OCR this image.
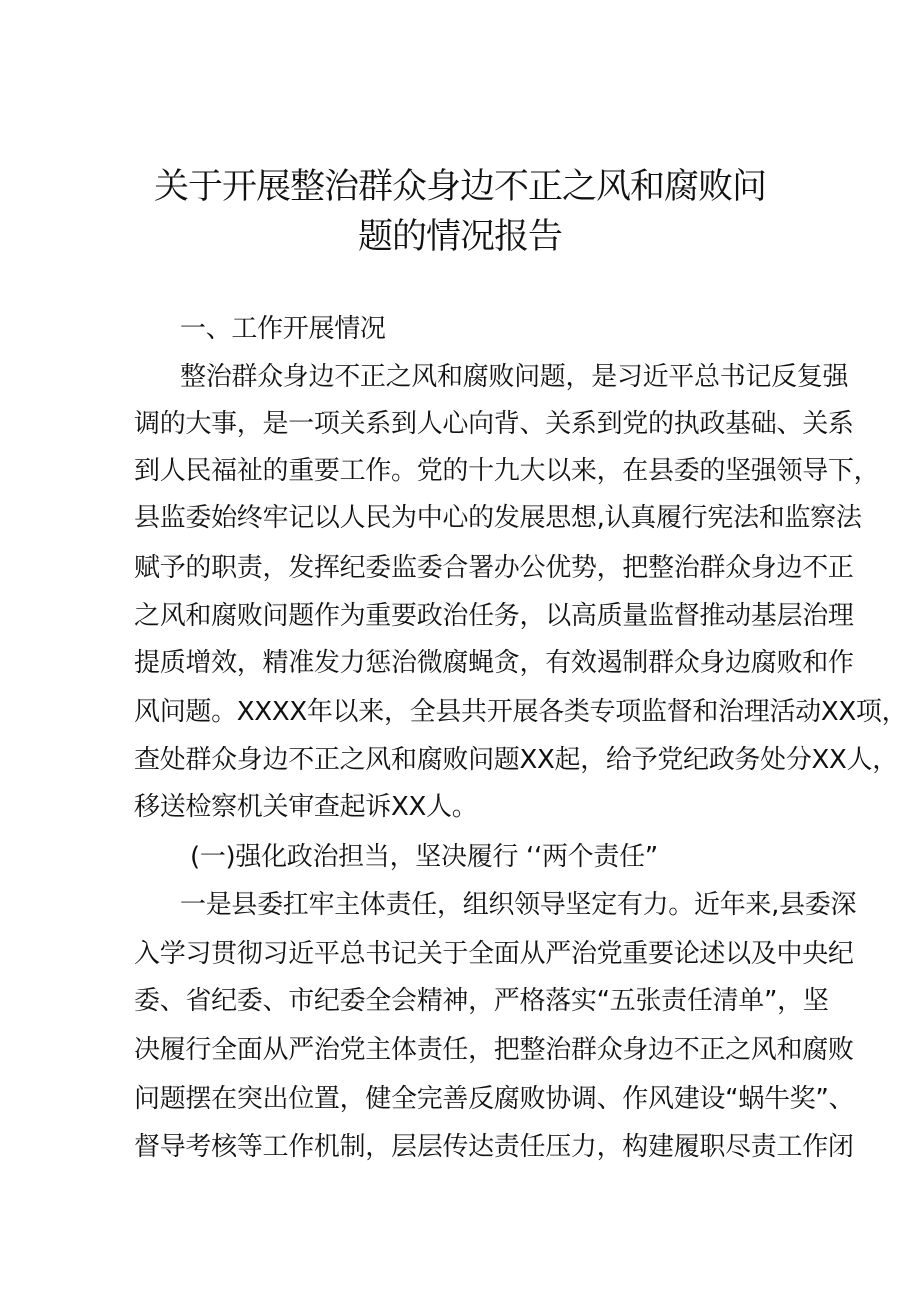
关于开展整治群众身边不正之风和腐败问
题的情况报告
一、工作开展情况
整治群众身边不正之风和腐败问题，是习近平总书记反复强
调的大事，是一项关系到人心向背、关系到党的执政基础、关系
到人民福祉的重要工作。党的十九大以来，在县委的坚强领导下，
县监委始终牢记以人民为中心的发展思想,认真履行宪法和监察法
赋予的职责，发挥纪委监委合署办公优势，把整治群众身边不正
之风和腐败问题作为重要政治任务，以高质量监督推动基层治理
提质增效，精准发力惩治微腐蝇贪，有效遏制群众身边腐败和作
风问题。XXXX年以来，全县共开展各类专项监督和治理活动XX项，
查处群众身边不正之风和腐败问题XX起，给予党纪政务处分XX人，
移送检察机关审查起诉XX人。
(一)强化政治担当，坚决履行 ‘‘两个责任”
一是县委扛牢主体责任，组织领导坚定有力。近年来,县委深
入学习贯彻习近平总书记关于全面从严治党重要论述以及中央纪
委、省纪委、市纪委全会精神，严格落实“五张责任清单”，坚
决履行全面从严治党主体责任，把整治群众身边不正之风和腐败
问题摆在突出位置，健全完善反腐败协调、作风建设“蜗牛奖”、
督导考核等工作机制，层层传达责任压力，构建履职尽责工作闭
